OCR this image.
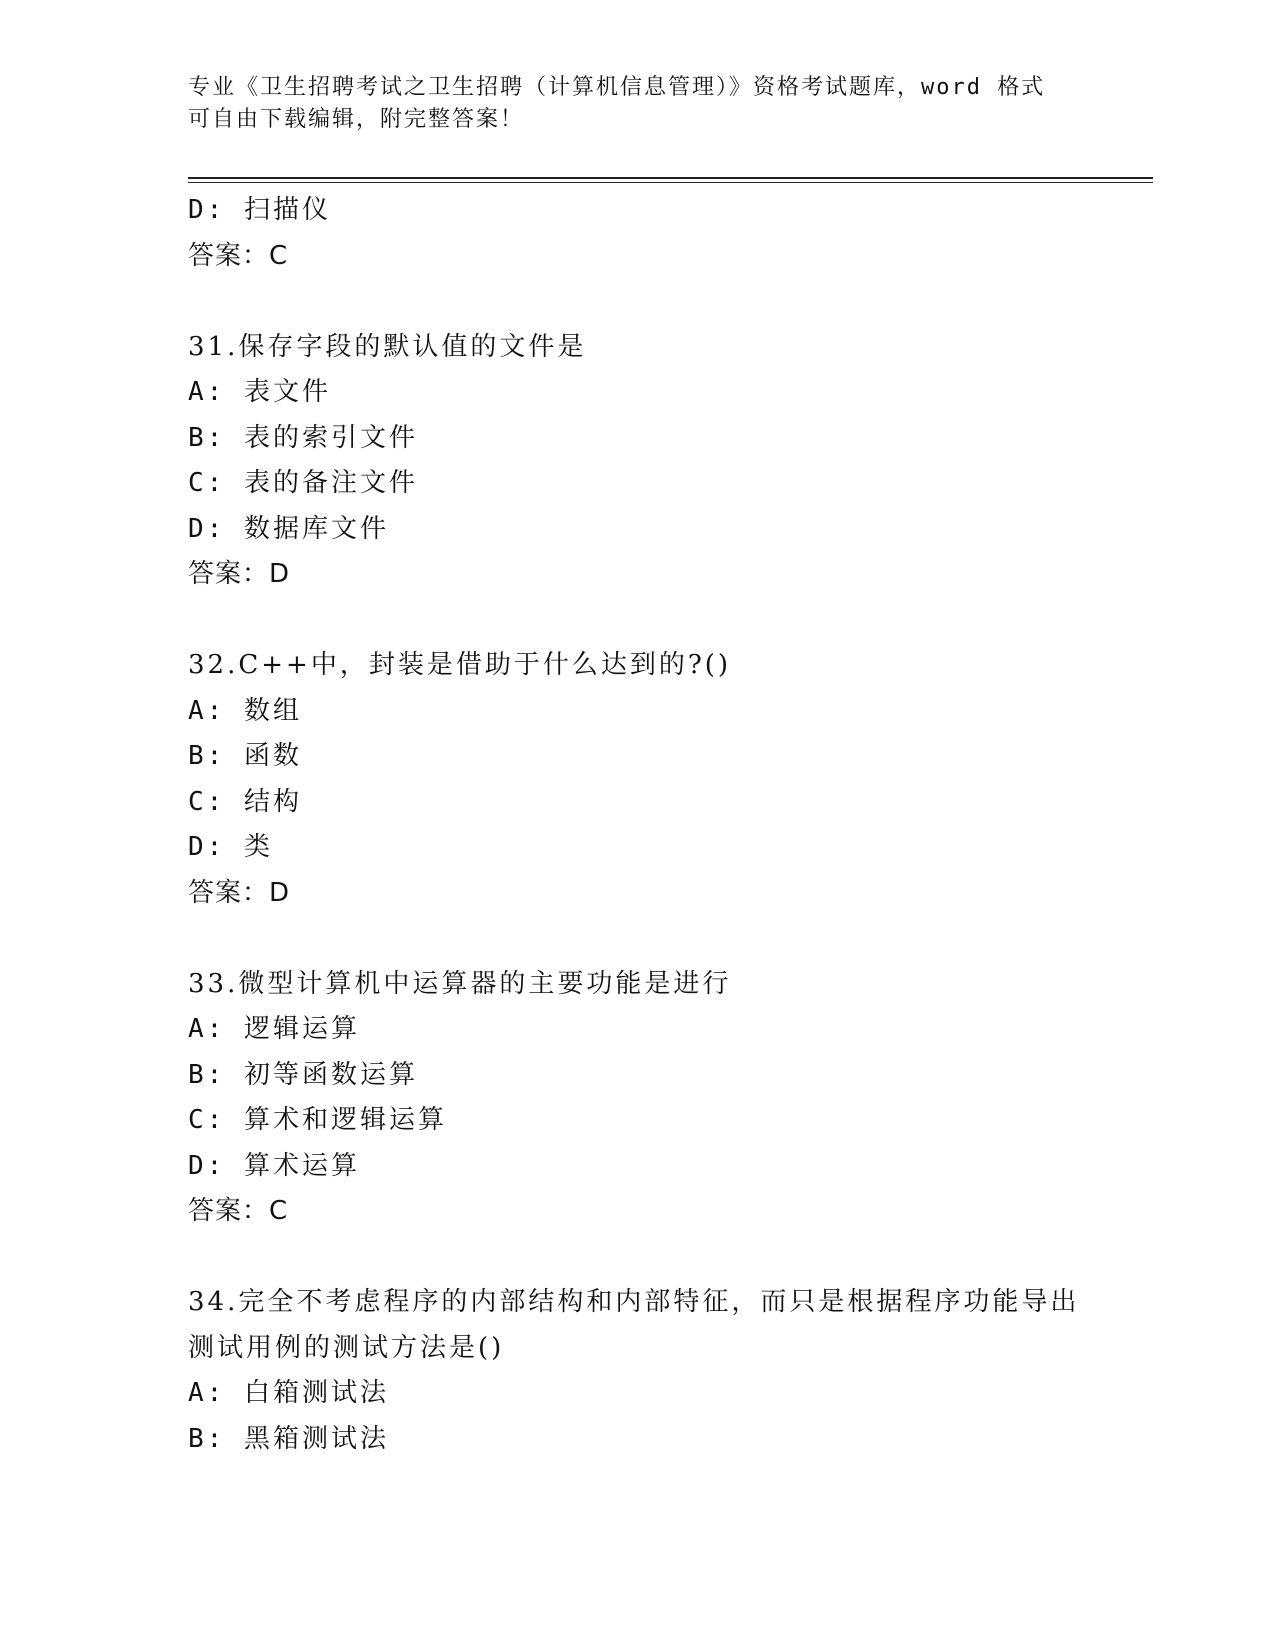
专业《卫生招聘考试之卫生招聘（计算机信息管理）》资格考试题库，word 格式
可自由下载编辑，附完整答案！
D: 扫描仪
答案：C
31.保存字段的默认值的文件是
A: 表文件
B: 表的索引文件
C: 表的备注文件
D: 数据库文件
答案：D
32.C++中，封装是借助于什么达到的?()
A: 数组
B: 函数
C: 结构
D: 类
答案：D
33.微型计算机中运算器的主要功能是进行
A: 逻辑运算
B: 初等函数运算
C: 算术和逻辑运算
D: 算术运算
答案：C
34.完全不考虑程序的内部结构和内部特征，而只是根据程序功能导出
测试用例的测试方法是()
A: 白箱测试法
B: 黑箱测试法
